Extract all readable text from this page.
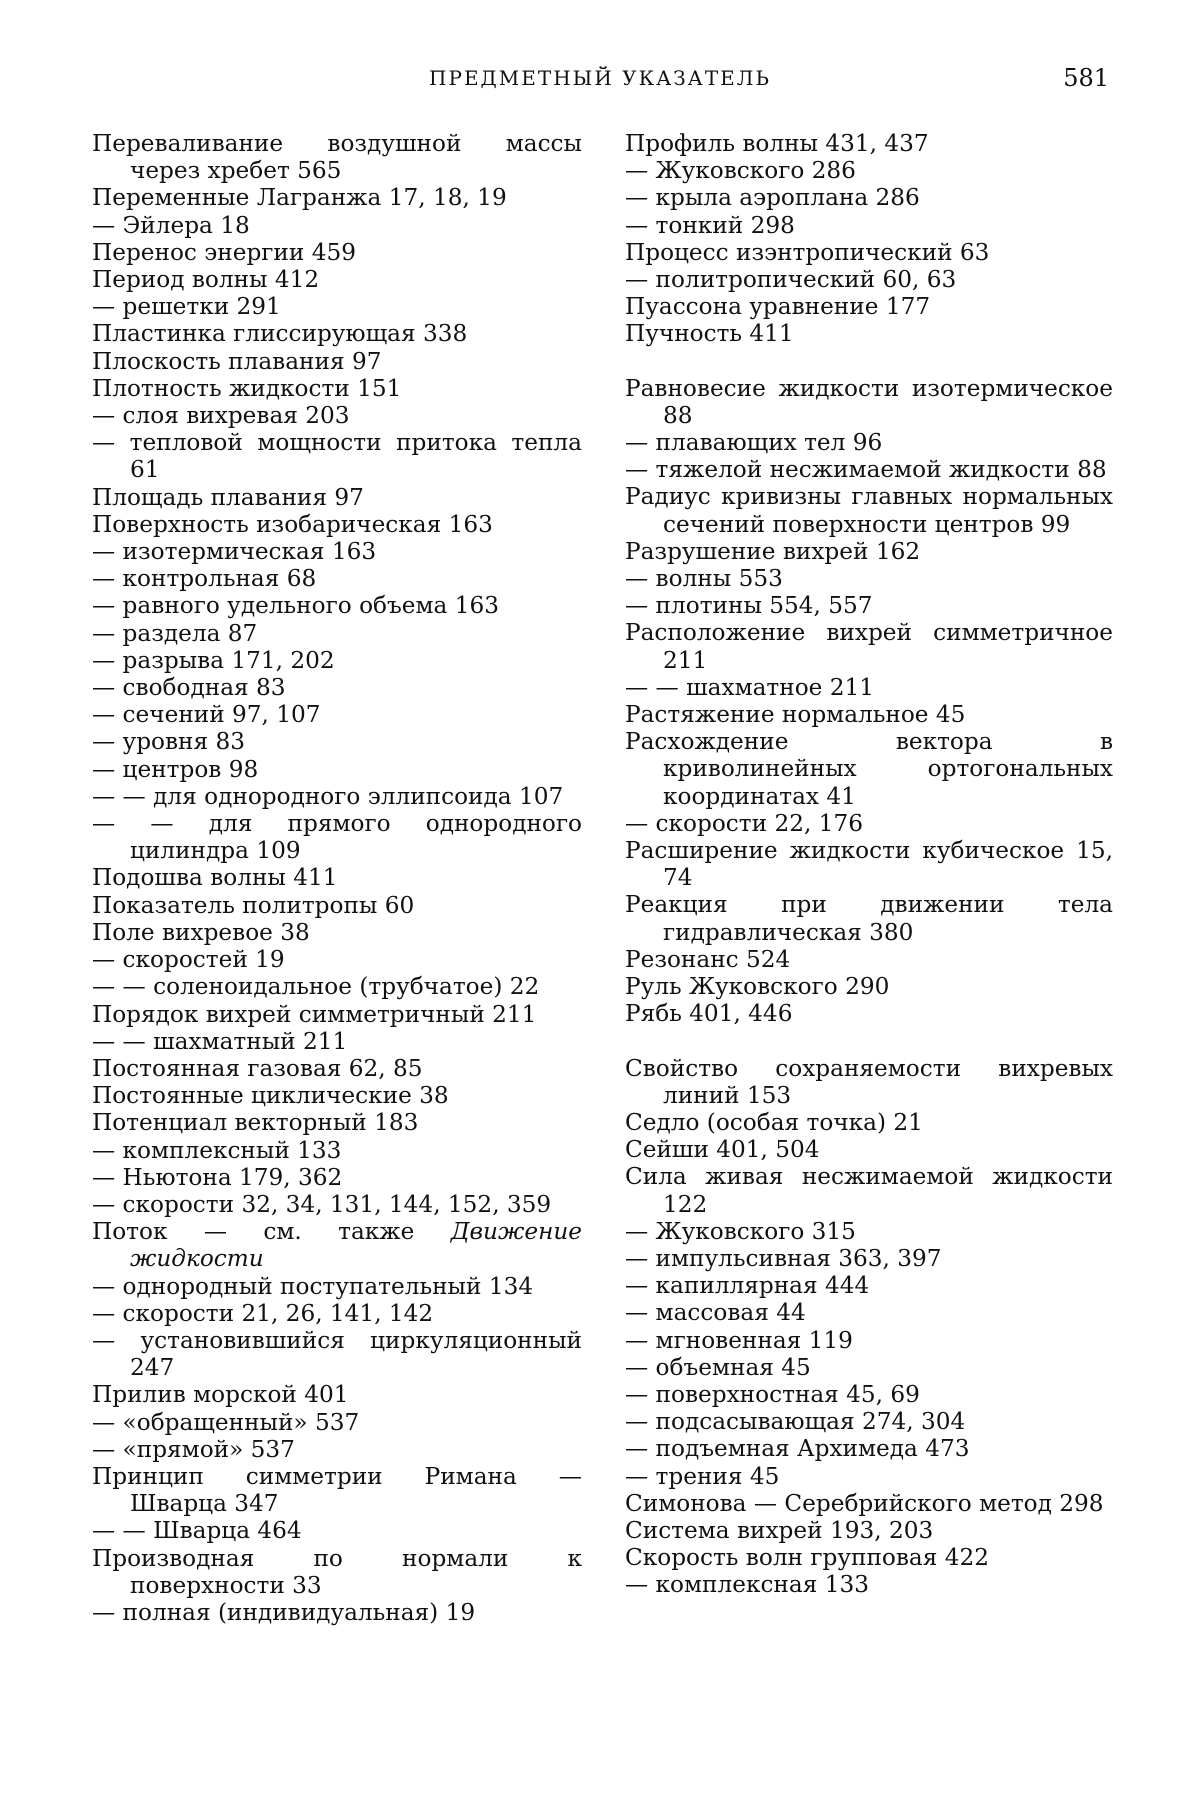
ПРЕДМЕТНЫЙ УКАЗАТЕЛЬ	581
Переваливание воздушной массы через хребет 565
Переменные Лагранжа 17, 18, 19
— Эйлера 18
Перенос энергии 459
Период волны 412
— решетки 291
Пластинка глиссирующая 338
Плоскость плавания 97
Плотность жидкости 151
— слоя вихревая 203
— тепловой мощности притока тепла 61
Площадь плавания 97
Поверхность изобарическая 163
— изотермическая 163
— контрольная 68
— равного удельного объема 163
— раздела 87
— разрыва 171, 202
— свободная 83
— сечений 97, 107
— уровня 83
— центров 98
— — для однородного эллипсоида 107
— — для прямого однородного цилиндра 109
Подошва волны 411
Показатель политропы 60
Поле вихревое 38
— скоростей 19
— — соленоидальное (трубчатое) 22
Порядок вихрей симметричный 211
— — шахматный 211
Постоянная газовая 62, 85
Постоянные циклические 38
Потенциал векторный 183
— комплексный 133
— Ньютона 179, 362
— скорости 32, 34, 131, 144, 152, 359
Поток — см. также Движение жидкости
— однородный поступательный 134
— скорости 21, 26, 141, 142
— установившийся циркуляционный 247
Прилив морской 401
— «обращенный» 537
— «прямой» 537
Принцип симметрии Римана — Шварца 347
— — Шварца 464
Производная по нормали к поверхности 33
— полная (индивидуальная) 19
Профиль волны 431, 437
— Жуковского 286
— крыла аэроплана 286
— тонкий 298
Процесс изэнтропический 63
— политропический 60, 63
Пуассона уравнение 177
Пучность 411
Равновесие жидкости изотермическое 88
— плавающих тел 96
— тяжелой несжимаемой жидкости 88
Радиус кривизны главных нормальных сечений поверхности центров 99
Разрушение вихрей 162
— волны 553
— плотины 554, 557
Расположение вихрей симметричное 211
— — шахматное 211
Растяжение нормальное 45
Расхождение вектора в криволинейных ортогональных координатах 41
— скорости 22, 176
Расширение жидкости кубическое 15, 74
Реакция при движении тела гидравлическая 380
Резонанс 524
Руль Жуковского 290
Рябь 401, 446
Свойство сохраняемости вихревых линий 153
Седло (особая точка) 21
Сейши 401, 504
Сила живая несжимаемой жидкости 122
— Жуковского 315
— импульсивная 363, 397
— капиллярная 444
— массовая 44
— мгновенная 119
— объемная 45
— поверхностная 45, 69
— подсасывающая 274, 304
— подъемная Архимеда 473
— трения 45
Симонова — Серебрийского метод 298
Система вихрей 193, 203
Скорость волн групповая 422
— комплексная 133
